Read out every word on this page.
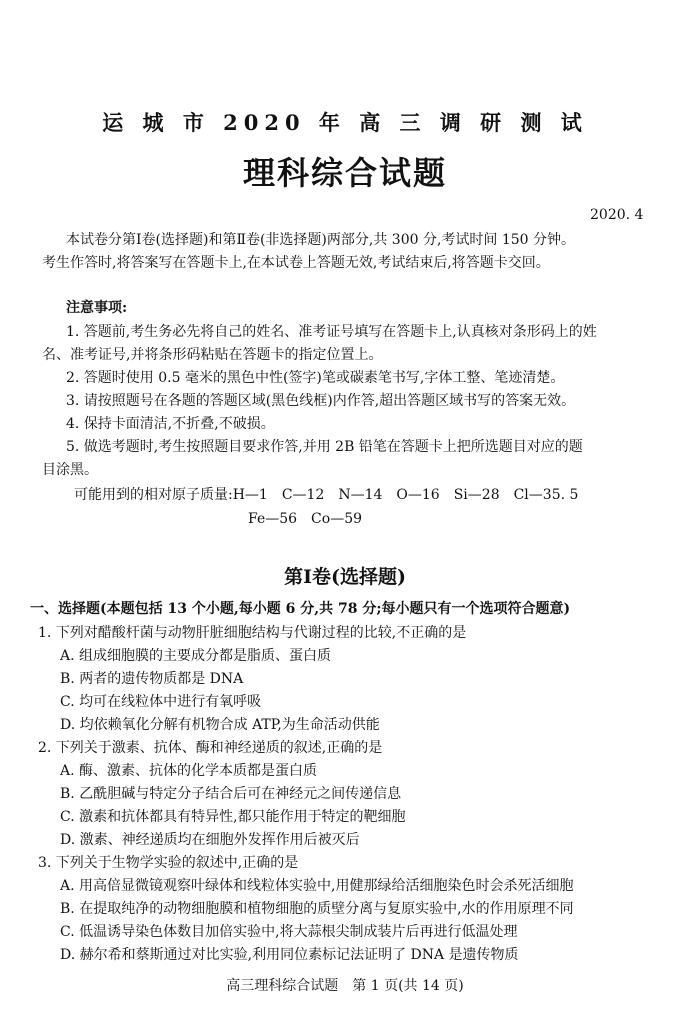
运 城 市 2020 年 高 三 调 研 测 试
理科综合试题
2020. 4
本试卷分第Ⅰ卷(选择题)和第Ⅱ卷(非选择题)两部分,共 300 分,考试时间 150 分钟。
考生作答时,将答案写在答题卡上,在本试卷上答题无效,考试结束后,将答题卡交回。
注意事项:
1. 答题前,考生务必先将自己的姓名、准考证号填写在答题卡上,认真核对条形码上的姓
名、准考证号,并将条形码粘贴在答题卡的指定位置上。
2. 答题时使用 0.5 毫米的黑色中性(签字)笔或碳素笔书写,字体工整、笔迹清楚。
3. 请按照题号在各题的答题区域(黑色线框)内作答,超出答题区域书写的答案无效。
4. 保持卡面清洁,不折叠,不破损。
5. 做选考题时,考生按照题目要求作答,并用 2B 铅笔在答题卡上把所选题目对应的题
目涂黑。
可能用到的相对原子质量:H—1　C—12　N—14　O—16　Si—28　Cl—35. 5
Fe—56　Co—59
第Ⅰ卷(选择题)
一、选择题(本题包括 13 个小题,每小题 6 分,共 78 分;每小题只有一个选项符合题意)
1. 下列对醋酸杆菌与动物肝脏细胞结构与代谢过程的比较,不正确的是
A. 组成细胞膜的主要成分都是脂质、蛋白质
B. 两者的遗传物质都是 DNA
C. 均可在线粒体中进行有氧呼吸
D. 均依赖氧化分解有机物合成 ATP,为生命活动供能
2. 下列关于激素、抗体、酶和神经递质的叙述,正确的是
A. 酶、激素、抗体的化学本质都是蛋白质
B. 乙酰胆碱与特定分子结合后可在神经元之间传递信息
C. 激素和抗体都具有特异性,都只能作用于特定的靶细胞
D. 激素、神经递质均在细胞外发挥作用后被灭后
3. 下列关于生物学实验的叙述中,正确的是
A. 用高倍显微镜观察叶绿体和线粒体实验中,用健那绿给活细胞染色时会杀死活细胞
B. 在提取纯净的动物细胞膜和植物细胞的质壁分离与复原实验中,水的作用原理不同
C. 低温诱导染色体数目加倍实验中,将大蒜根尖制成装片后再进行低温处理
D. 赫尔希和蔡斯通过对比实验,利用同位素标记法证明了 DNA 是遗传物质
高三理科综合试题　第 1 页(共 14 页)
